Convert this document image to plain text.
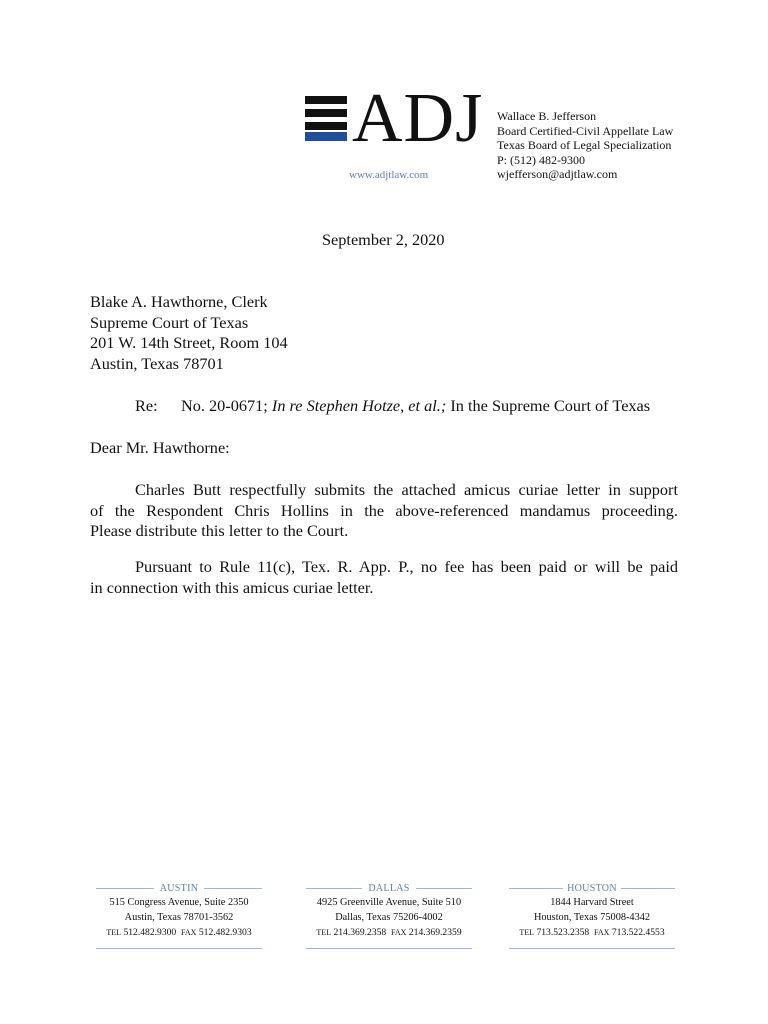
ADJ
www.adjtlaw.com
Wallace B. Jefferson
Board Certified-Civil Appellate Law
Texas Board of Legal Specialization
P: (512) 482-9300
wjefferson@adjtlaw.com
September 2, 2020
Blake A. Hawthorne, Clerk
Supreme Court of Texas
201 W. 14th Street, Room 104
Austin, Texas 78701
Re: No. 20-0671; In re Stephen Hotze, et al.; In the Supreme Court of Texas
Dear Mr. Hawthorne:
Charles Butt respectfully submits the attached amicus curiae letter in support
of the Respondent Chris Hollins in the above-referenced mandamus proceeding.
Please distribute this letter to the Court.
Pursuant to Rule 11(c), Tex. R. App. P., no fee has been paid or will be paid
in connection with this amicus curiae letter.
AUSTIN
515 Congress Avenue, Suite 2350
Austin, Texas 78701-3562
TEL 512.482.9300 FAX 512.482.9303
DALLAS
4925 Greenville Avenue, Suite 510
Dallas, Texas 75206-4002
TEL 214.369.2358 FAX 214.369.2359
HOUSTON
1844 Harvard Street
Houston, Texas 75008-4342
TEL 713.523.2358 FAX 713.522.4553
